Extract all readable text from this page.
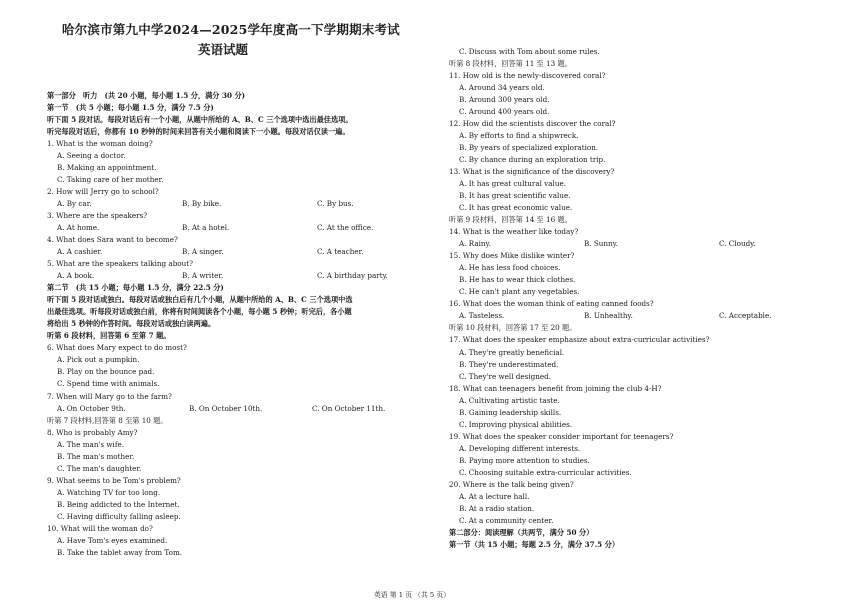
哈尔滨市第九中学2024—2025学年度高一下学期期末考试
英语试题
第一部分　听力　(共 20 小题，每小题 1.5 分，满分 30 分)
第一节　(共 5 小题；每小题 1.5 分，满分 7.5 分)
听下面 5 段对话。每段对话后有一个小题，从题中所给的 A、B、C 三个选项中选出最佳选项。
听完每段对话后，你都有 10 秒钟的时间来回答有关小题和阅读下一小题。每段对话仅读一遍。
1. What is the woman doing?
A. Seeing a doctor.
B. Making an appointment.
C. Taking care of her mother.
2. How will Jerry go to school?
A. By car.	B. By bike.	C. By bus.
3. Where are the speakers?
A. At home.	B. At a hotel.	C. At the office.
4. What does Sara want to become?
A. A cashier.	B. A singer.	C. A teacher.
5. What are the speakers talking about?
A. A book.	B. A writer.	C. A birthday party.
第二节　(共 15 小题；每小题 1.5 分，满分 22.5 分)
听下面 5 段对话或独白。每段对话或独白后有几个小题，从题中所给的 A、B、C 三个选项中选
出最佳选项。听每段对话或独白前，你将有时间阅读各个小题，每小题 5 秒钟；听完后，各小题
将给出 5 秒钟的作答时间。每段对话或独白读两遍。
听第 6 段材料，回答第 6 至第 7 题。
6. What does Mary expect to do most?
A. Pick out a pumpkin.
B. Play on the bounce pad.
C. Spend time with animals.
7. When will Mary go to the farm?
A. On October 9th.	B. On October 10th.	C. On October 11th.
听第 7 段材料,回答第 8 至第 10 题。
8. Who is probably Amy?
A. The man's wife.
B. The man's mother.
C. The man's daughter.
9. What seems to be Tom's problem?
A. Watching TV for too long.
B. Being addicted to the Internet.
C. Having difficulty falling asleep.
10. What will the woman do?
A. Have Tom's eyes examined.
B. Take the tablet away from Tom.
C. Discuss with Tom about some rules.
听第 8 段材料，回答第 11 至 13 题。
11. How old is the newly-discovered coral?
A. Around 34 years old.
B. Around 300 years old.
C. Around 400 years old.
12. How did the scientists discover the coral?
A. By efforts to find a shipwreck.
B. By years of specialized exploration.
C. By chance during an exploration trip.
13. What is the significance of the discovery?
A. It has great cultural value.
B. It has great scientific value.
C. It has great economic value.
听第 9 段材料，回答第 14 至 16 题。
14. What is the weather like today?
A. Rainy.	B. Sunny.	C. Cloudy.
15. Why does Mike dislike winter?
A. He has less food choices.
B. He has to wear thick clothes.
C. He can't plant any vegetables.
16. What does the woman think of eating canned foods?
A. Tasteless.	B. Unhealthy.	C. Acceptable.
听第 10 段材料，回答第 17 至 20 题。
17. What does the speaker emphasize about extra-curricular activities?
A. They're greatly beneficial.
B. They're underestimated.
C. They're well designed.
18. What can teenagers benefit from joining the club 4-H?
A. Cultivating artistic taste.
B. Gaining leadership skills.
C. Improving physical abilities.
19. What does the speaker consider important for teenagers?
A. Developing different interests.
B. Paying more attention to studies.
C. Choosing suitable extra-curricular activities.
20. Where is the talk being given?
A. At a lecture hall.
B. At a radio station.
C. At a community center.
第二部分：阅读理解（共两节，满分 50 分）
第一节（共 15 小题；每题 2.5 分，满分 37.5 分）
英语 第 1 页 （共 5 页）
